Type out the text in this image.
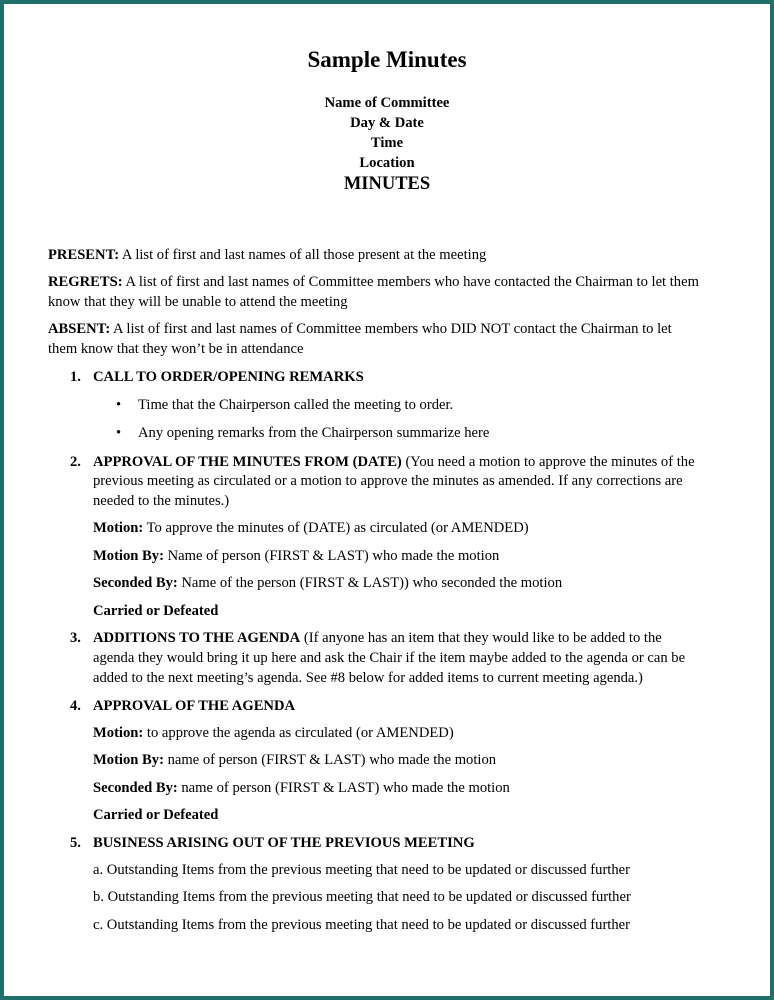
Sample Minutes
Name of Committee
Day & Date
Time
Location
MINUTES
PRESENT: A list of first and last names of all those present at the meeting
REGRETS: A list of first and last names of Committee members who have contacted the Chairman to let them
know that they will be unable to attend the meeting
ABSENT: A list of first and last names of Committee members who DID NOT contact the Chairman to let
them know that they won’t be in attendance
1. CALL TO ORDER/OPENING REMARKS
• Time that the Chairperson called the meeting to order.
• Any opening remarks from the Chairperson summarize here
2. APPROVAL OF THE MINUTES FROM (DATE) (You need a motion to approve the minutes of the
previous meeting as circulated or a motion to approve the minutes as amended. If any corrections are
needed to the minutes.)
Motion: To approve the minutes of (DATE) as circulated (or AMENDED)
Motion By: Name of person (FIRST & LAST) who made the motion
Seconded By: Name of the person (FIRST & LAST)) who seconded the motion
Carried or Defeated
3. ADDITIONS TO THE AGENDA (If anyone has an item that they would like to be added to the
agenda they would bring it up here and ask the Chair if the item maybe added to the agenda or can be
added to the next meeting’s agenda. See #8 below for added items to current meeting agenda.)
4. APPROVAL OF THE AGENDA
Motion: to approve the agenda as circulated (or AMENDED)
Motion By: name of person (FIRST & LAST) who made the motion
Seconded By: name of person (FIRST & LAST) who made the motion
Carried or Defeated
5. BUSINESS ARISING OUT OF THE PREVIOUS MEETING
a. Outstanding Items from the previous meeting that need to be updated or discussed further
b. Outstanding Items from the previous meeting that need to be updated or discussed further
c. Outstanding Items from the previous meeting that need to be updated or discussed further
